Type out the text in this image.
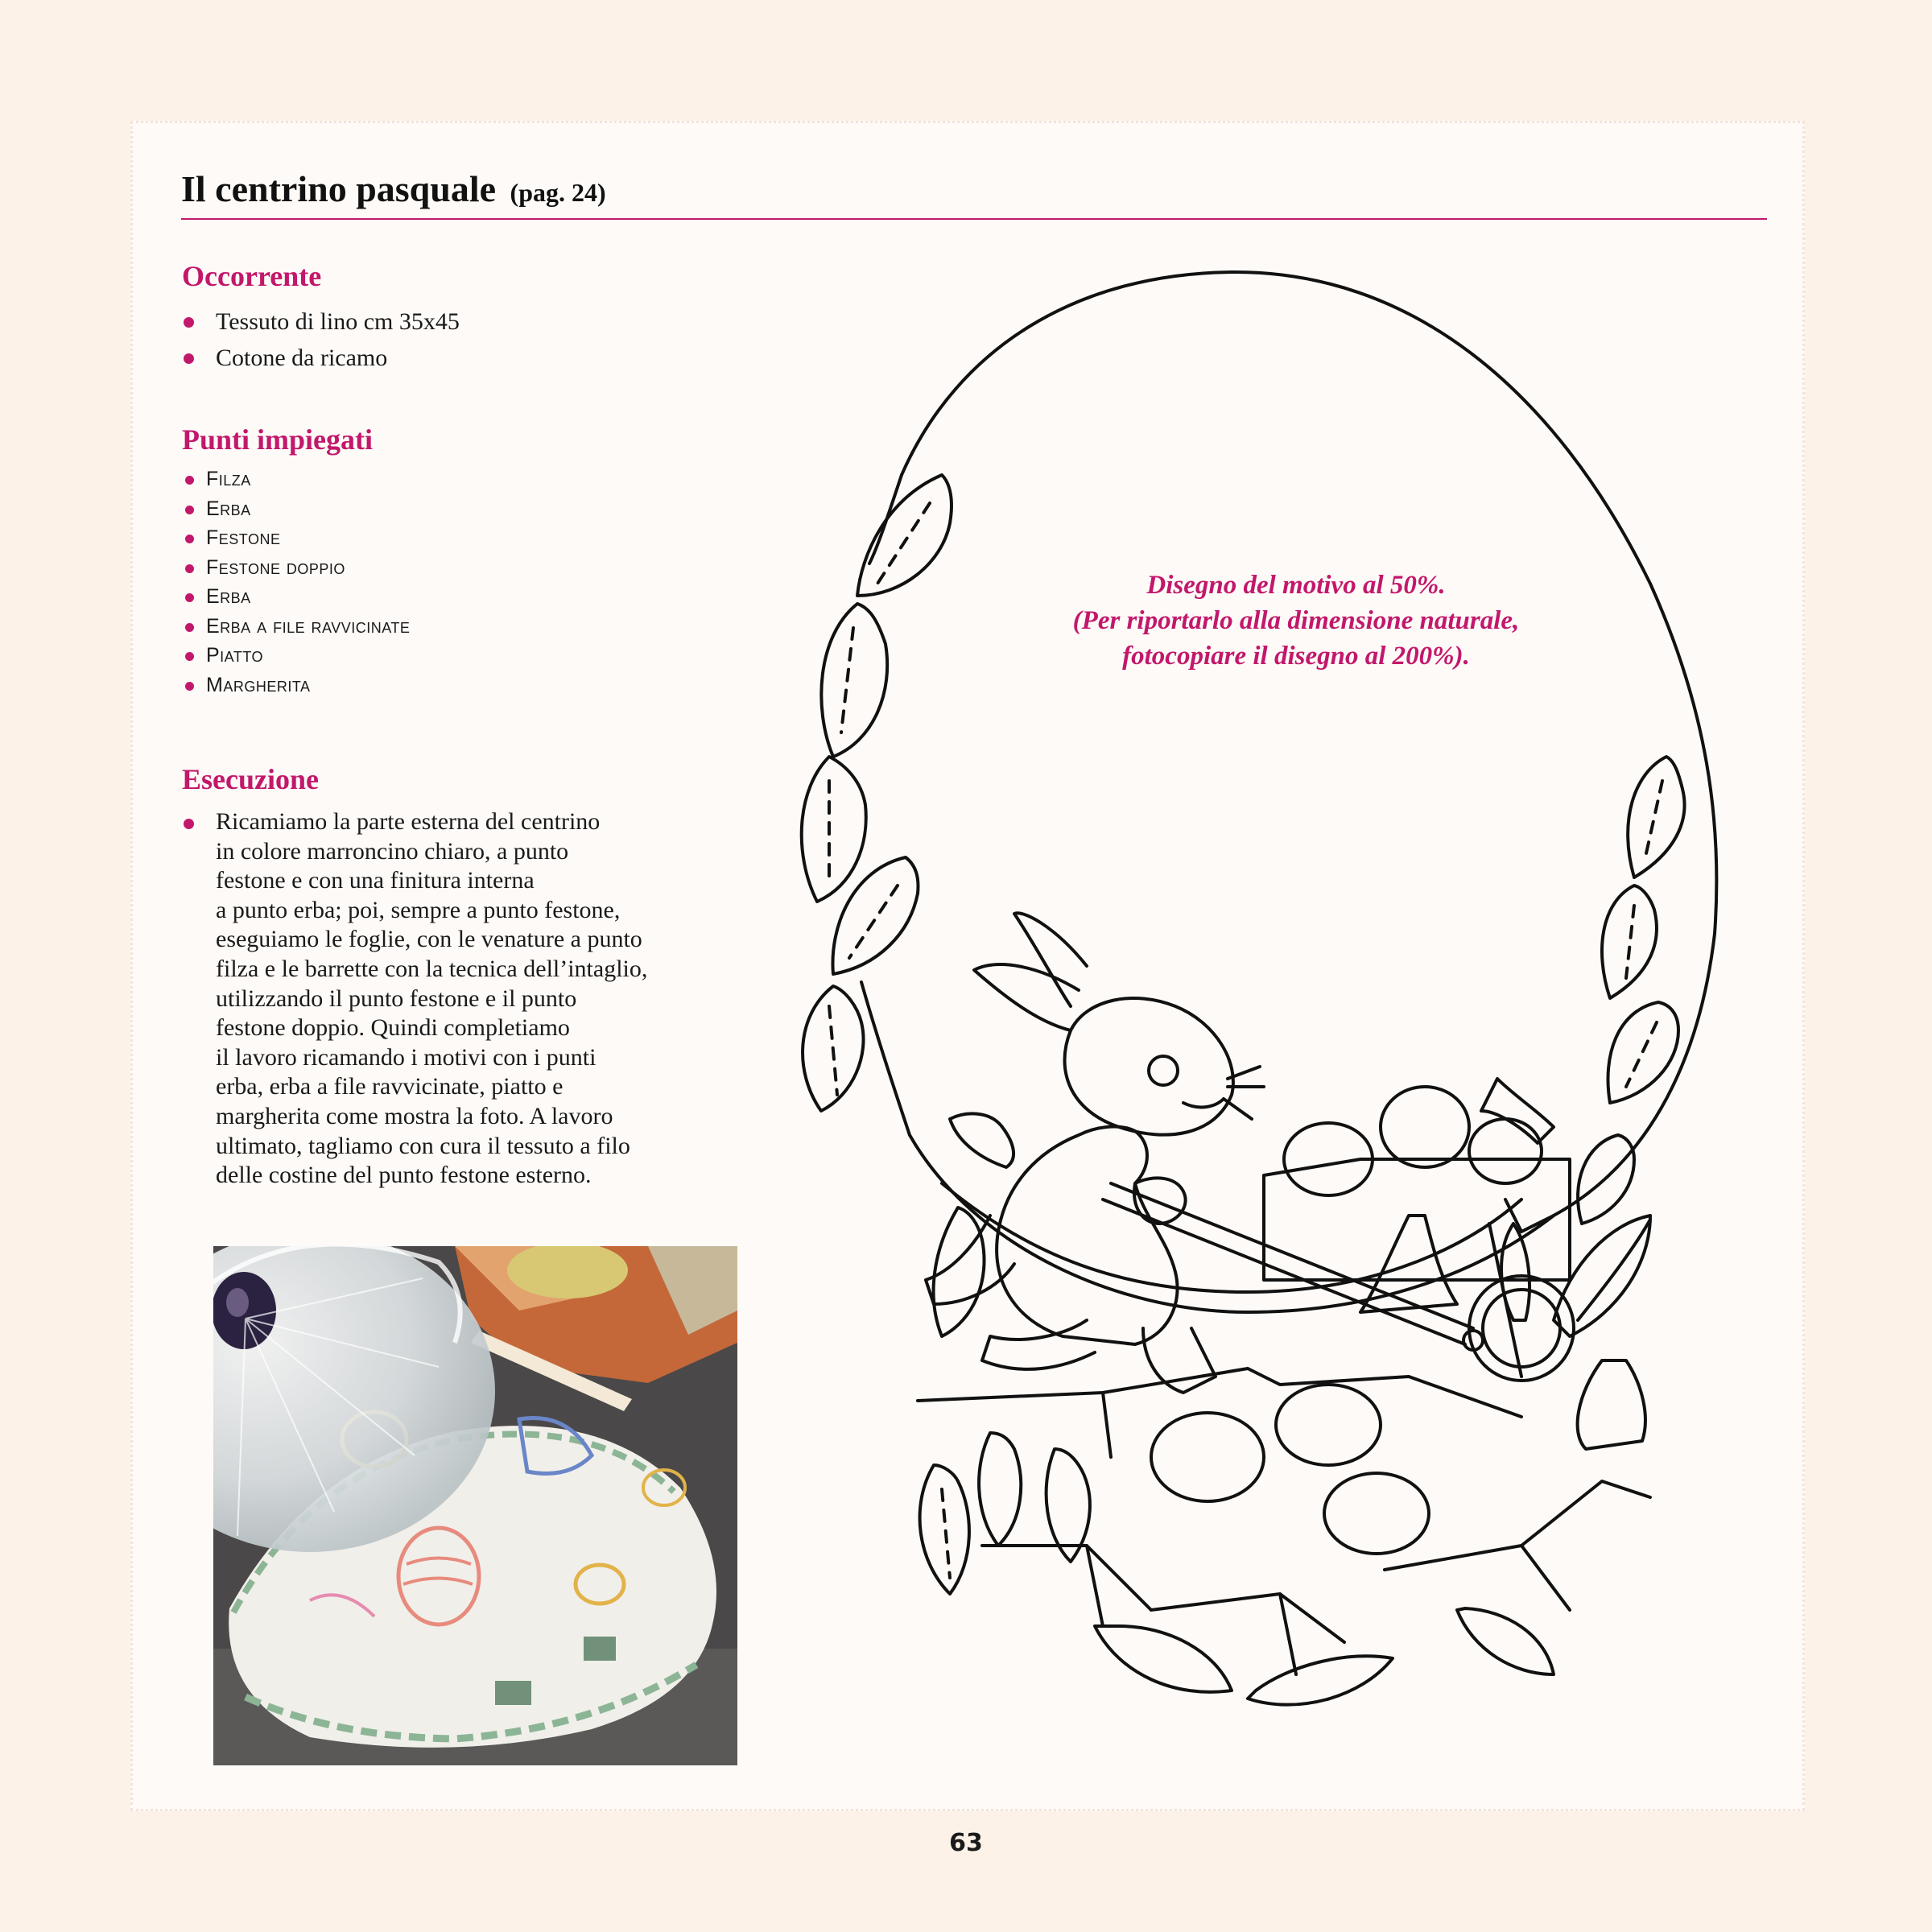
Il centrino pasquale (pag. 24)
Occorrente
Tessuto di lino cm 35x45
Cotone da ricamo
Punti impiegati
Filza
Erba
Festone
Festone doppio
Erba
Erba a file ravvicinate
Piatto
Margherita
Esecuzione
Ricamiamo la parte esterna del centrino
in colore marroncino chiaro, a punto
festone e con una finitura interna
a punto erba; poi, sempre a punto festone,
eseguiamo le foglie, con le venature a punto
filza e le barrette con la tecnica dell’intaglio,
utilizzando il punto festone e il punto
festone doppio. Quindi completiamo
il lavoro ricamando i motivi con i punti
erba, erba a file ravvicinate, piatto e
margherita come mostra la foto. A lavoro
ultimato, tagliamo con cura il tessuto a filo
delle costine del punto festone esterno.
Disegno del motivo al 50%.
(Per riportarlo alla dimensione naturale,
fotocopiare il disegno al 200%).
63
